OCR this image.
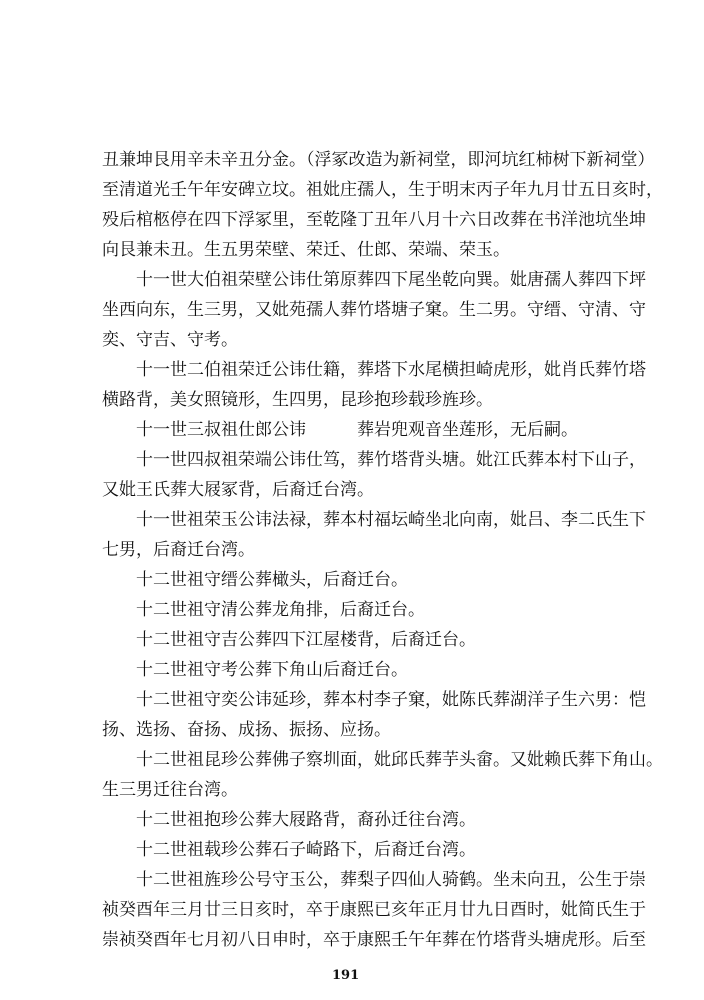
丑兼坤艮用辛未辛丑分金。（浮冢改造为新祠堂，即河坑红柿树下新祠堂）
至清道光壬午年安碑立坟。祖妣庄孺人，生于明末丙子年九月廿五日亥时，
殁后棺柩停在四下浮冢里，至乾隆丁丑年八月十六日改葬在书洋池坑坐坤
向艮兼未丑。生五男荣壁、荣迁、仕郎、荣端、荣玉。
十一世大伯祖荣壁公讳仕第原葬四下尾坐乾向巽。妣唐孺人葬四下坪
坐西向东，生三男，又妣苑孺人葬竹塔塘子窠。生二男。守缙、守清、守
奕、守吉、守考。
十一世二伯祖荣迁公讳仕籍，葬塔下水尾横担崎虎形，妣肖氏葬竹塔
横路背，美女照镜形，生四男，昆珍抱珍载珍旌珍。
十一世三叔祖仕郎公讳　　　葬岩兜观音坐莲形，无后嗣。
十一世四叔祖荣端公讳仕笃，葬竹塔背头塘。妣江氏葬本村下山子，
又妣王氏葬大屐冢背，后裔迁台湾。
十一世祖荣玉公讳法禄，葬本村福坛崎坐北向南，妣吕、李二氏生下
七男，后裔迁台湾。
十二世祖守缙公葬橄头，后裔迁台。
十二世祖守清公葬龙角排，后裔迁台。
十二世祖守吉公葬四下江屋楼背，后裔迁台。
十二世祖守考公葬下角山后裔迁台。
十二世祖守奕公讳延珍，葬本村李子窠，妣陈氏葬湖洋子生六男：恺
扬、选扬、奋扬、成扬、振扬、应扬。
十二世祖昆珍公葬佛子察圳面，妣邱氏葬芋头畲。又妣赖氏葬下角山。
生三男迁往台湾。
十二世祖抱珍公葬大屐路背，裔孙迁往台湾。
十二世祖载珍公葬石子崎路下，后裔迁台湾。
十二世祖旌珍公号守玉公，葬梨子四仙人骑鹤。坐未向丑，公生于崇
祯癸酉年三月廿三日亥时，卒于康熙已亥年正月廿九日酉时，妣简氏生于
崇祯癸酉年七月初八日申时，卒于康熙壬午年葬在竹塔背头塘虎形。后至
191
